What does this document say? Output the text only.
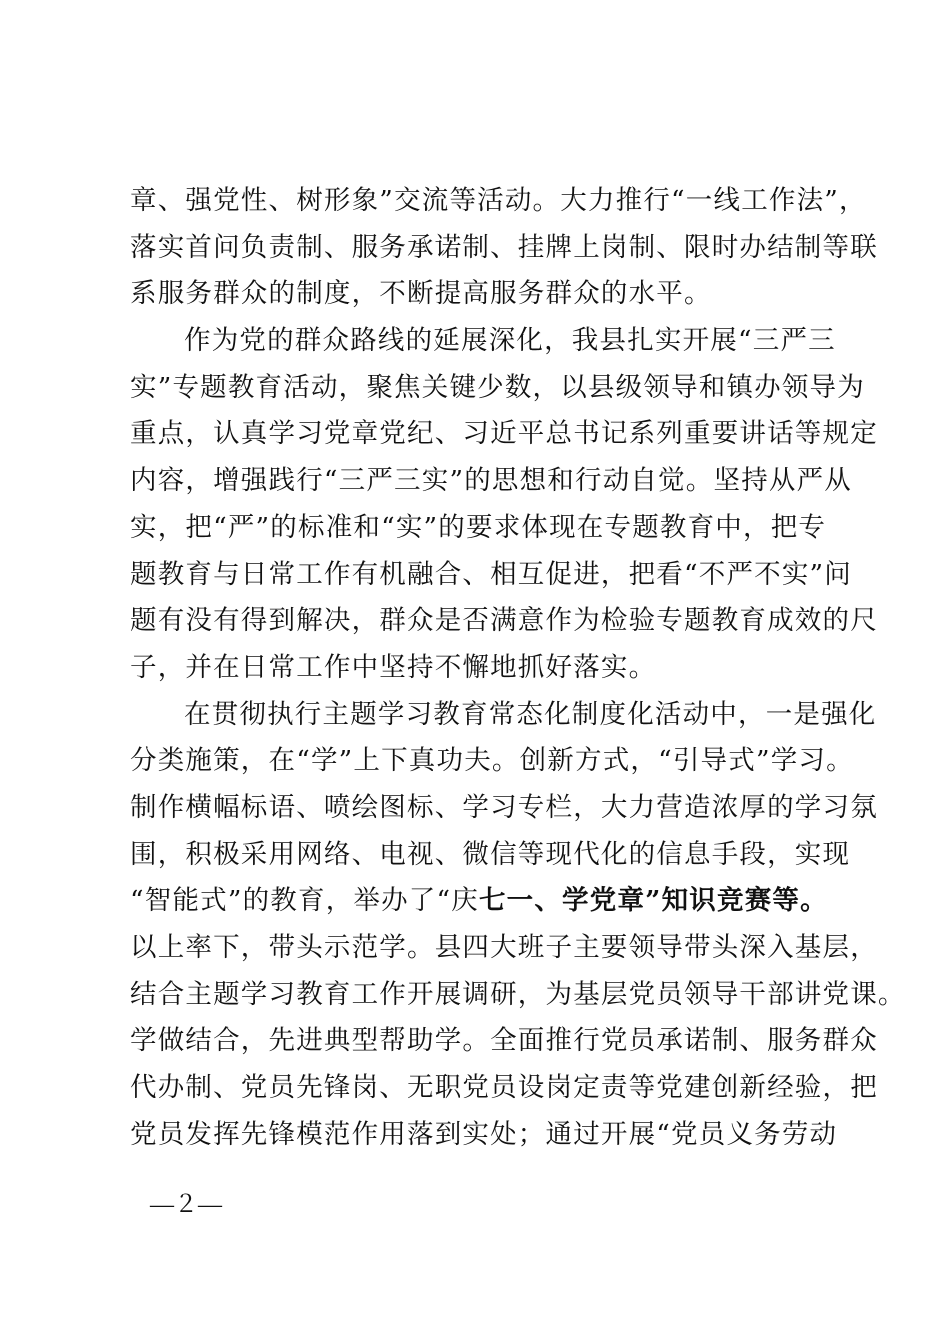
章、强党性、树形象”交流等活动。大力推行“一线工作法”，
落实首问负责制、服务承诺制、挂牌上岗制、限时办结制等联
系服务群众的制度，不断提高服务群众的水平。
作为党的群众路线的延展深化，我县扎实开展“三严三
实”专题教育活动，聚焦关键少数，以县级领导和镇办领导为
重点，认真学习党章党纪、习近平总书记系列重要讲话等规定
内容，增强践行“三严三实”的思想和行动自觉。坚持从严从
实，把“严”的标准和“实”的要求体现在专题教育中，把专
题教育与日常工作有机融合、相互促进，把看“不严不实”问
题有没有得到解决，群众是否满意作为检验专题教育成效的尺
子，并在日常工作中坚持不懈地抓好落实。
在贯彻执行主题学习教育常态化制度化活动中，一是强化
分类施策，在“学”上下真功夫。创新方式，“引导式”学习。
制作横幅标语、喷绘图标、学习专栏，大力营造浓厚的学习氛
围，积极采用网络、电视、微信等现代化的信息手段，实现
“智能式”的教育，举办了“庆七一、学党章”知识竞赛等。
以上率下，带头示范学。县四大班子主要领导带头深入基层，
结合主题学习教育工作开展调研，为基层党员领导干部讲党课。
学做结合，先进典型帮助学。全面推行党员承诺制、服务群众
代办制、党员先锋岗、无职党员设岗定责等党建创新经验，把
党员发挥先锋模范作用落到实处；通过开展“党员义务劳动
—２—
